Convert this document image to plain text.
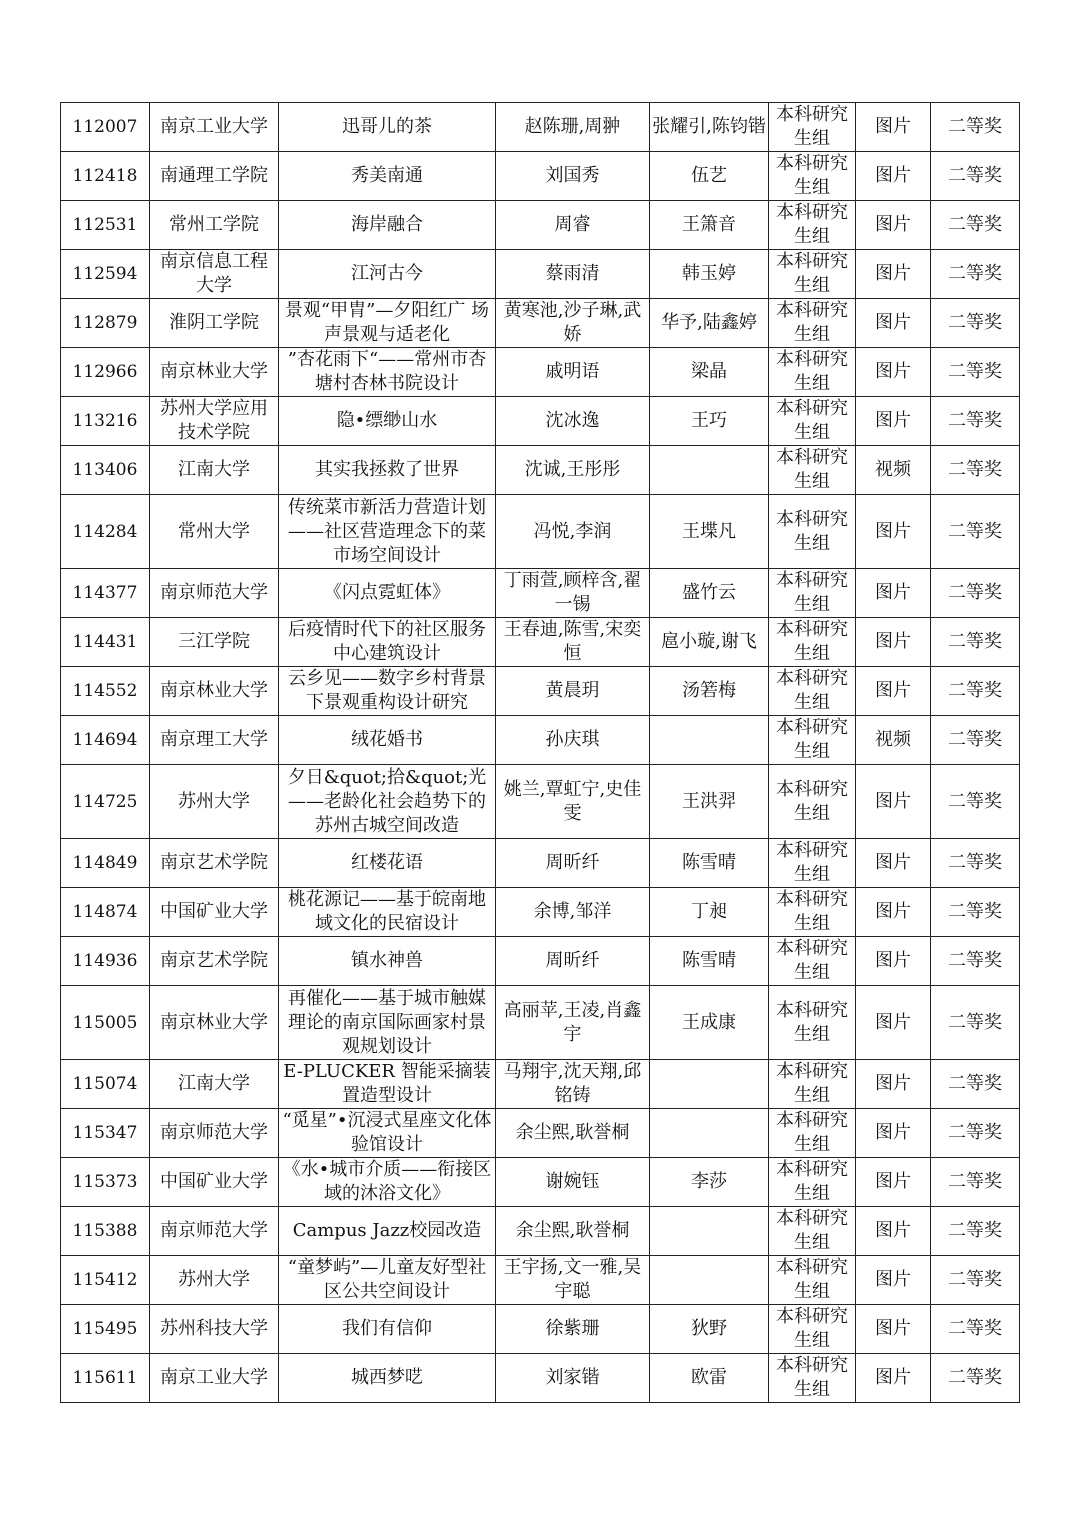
112007	南京工业大学	迅哥儿的茶	赵陈珊,周翀	张耀引,陈钧锴	本科研究生组	图片	二等奖
112418	南通理工学院	秀美南通	刘国秀	伍艺	本科研究生组	图片	二等奖
112531	常州工学院	海岸融合	周睿	王箫音	本科研究生组	图片	二等奖
112594	南京信息工程大学	江河古今	蔡雨清	韩玉婷	本科研究生组	图片	二等奖
112879	淮阴工学院	景观“甲胄”—夕阳红广 场声景观与适老化	黄寒池,沙子琳,武娇	华予,陆鑫婷	本科研究生组	图片	二等奖
112966	南京林业大学	”杏花雨下“——常州市杏塘村杏林书院设计	戚明语	梁晶	本科研究生组	图片	二等奖
113216	苏州大学应用技术学院	隐•缥缈山水	沈冰逸	王巧	本科研究生组	图片	二等奖
113406	江南大学	其实我拯救了世界	沈诚,王彤彤		本科研究生组	视频	二等奖
114284	常州大学	传统菜市新活力营造计划——社区营造理念下的菜市场空间设计	冯悦,李润	王堞凡	本科研究生组	图片	二等奖
114377	南京师范大学	《闪点霓虹体》	丁雨萱,顾梓含,翟一锡	盛竹云	本科研究生组	图片	二等奖
114431	三江学院	后疫情时代下的社区服务中心建筑设计	王春迪,陈雪,宋奕恒	扈小璇,谢飞	本科研究生组	图片	二等奖
114552	南京林业大学	云乡见——数字乡村背景下景观重构设计研究	黄晨玥	汤箬梅	本科研究生组	图片	二等奖
114694	南京理工大学	绒花婚书	孙庆琪		本科研究生组	视频	二等奖
114725	苏州大学	夕日&quot;拾&quot;光——老龄化社会趋势下的苏州古城空间改造	姚兰,覃虹宁,史佳雯	王洪羿	本科研究生组	图片	二等奖
114849	南京艺术学院	红楼花语	周昕纤	陈雪晴	本科研究生组	图片	二等奖
114874	中国矿业大学	桃花源记——基于皖南地域文化的民宿设计	余博,邹洋	丁昶	本科研究生组	图片	二等奖
114936	南京艺术学院	镇水神兽	周昕纤	陈雪晴	本科研究生组	图片	二等奖
115005	南京林业大学	再催化——基于城市触媒理论的南京国际画家村景观规划设计	高丽苹,王凌,肖鑫宇	王成康	本科研究生组	图片	二等奖
115074	江南大学	E-PLUCKER 智能采摘装置造型设计	马翔宇,沈天翔,邱铭铸		本科研究生组	图片	二等奖
115347	南京师范大学	“觅星”•沉浸式星座文化体验馆设计	余尘熙,耿誉桐		本科研究生组	图片	二等奖
115373	中国矿业大学	《水•城市介质——衔接区域的沐浴文化》	谢婉钰	李莎	本科研究生组	图片	二等奖
115388	南京师范大学	Campus Jazz校园改造	余尘熙,耿誉桐		本科研究生组	图片	二等奖
115412	苏州大学	“童梦屿”—儿童友好型社区公共空间设计	王宇扬,文一雅,吴宇聪		本科研究生组	图片	二等奖
115495	苏州科技大学	我们有信仰	徐紫珊	狄野	本科研究生组	图片	二等奖
115611	南京工业大学	城西梦呓	刘家锴	欧雷	本科研究生组	图片	二等奖
